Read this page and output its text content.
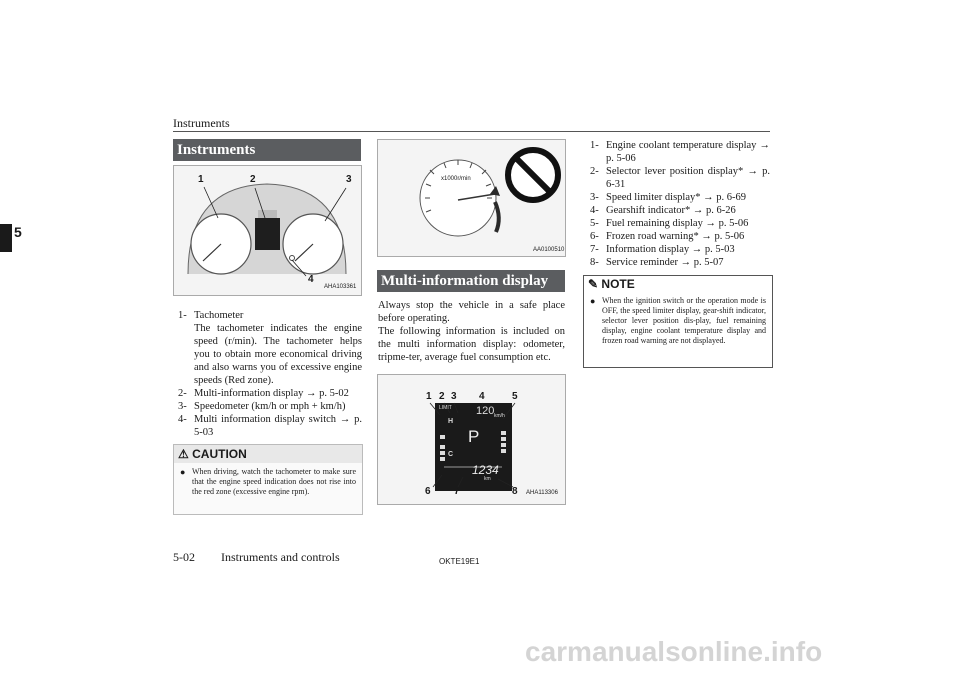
Instruments
5
Instruments
1	2	3
4
AHA103361
1- Tachometer
The tachometer indicates the engine speed (r/min). The tachometer helps you to obtain more economical driving and also warns you of excessive engine speeds (Red zone).
2- Multi-information display → p. 5-02
3- Speedometer (km/h or mph + km/h)
4- Multi information display switch → p. 5-03
⚠ CAUTION
● When driving, watch the tachometer to make sure that the engine speed indication does not rise into the red zone (excessive engine rpm).
x1000r/min
AA0100510
Multi-information display
Always stop the vehicle in a safe place before operating.
The following information is included on the multi information display: odometer, tripme-ter, average fuel consumption etc.
1 2 3 4	5
6 7	8
LIMIT 120 km/h
H
P
C
1234
km
AHA113306
1- Engine coolant temperature display → p. 5-06
2- Selector lever position display* → p. 6-31
3- Speed limiter display* → p. 6-69
4- Gearshift indicator* → p. 6-26
5- Fuel remaining display → p. 5-06
6- Frozen road warning* → p. 5-06
7- Information display → p. 5-03
8- Service reminder → p. 5-07
✎ NOTE
● When the ignition switch or the operation mode is OFF, the speed limiter display, gear-shift indicator, selector lever position dis-play, fuel remaining display, engine coolant temperature display and frozen road warning are not displayed.
5-02 Instruments and controls	OKTE19E1
carmanualsonline.info
